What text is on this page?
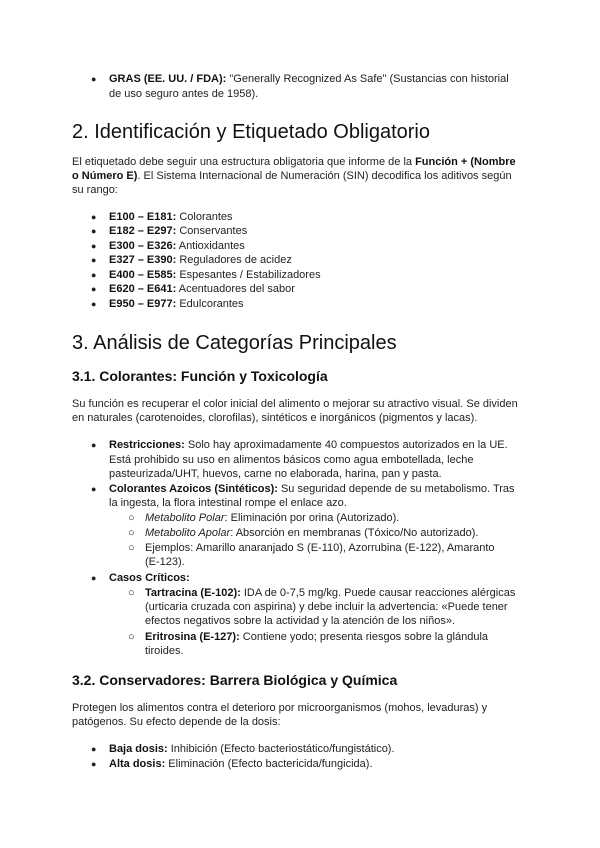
● GRAS (EE. UU. / FDA): "Generally Recognized As Safe" (Sustancias con historial
de uso seguro antes de 1958).
2. Identificación y Etiquetado Obligatorio
El etiquetado debe seguir una estructura obligatoria que informe de la Función + (Nombre
o Número E). El Sistema Internacional de Numeración (SIN) decodifica los aditivos según
su rango:
● E100 – E181: Colorantes
● E182 – E297: Conservantes
● E300 – E326: Antioxidantes
● E327 – E390: Reguladores de acidez
● E400 – E585: Espesantes / Estabilizadores
● E620 – E641: Acentuadores del sabor
● E950 – E977: Edulcorantes
3. Análisis de Categorías Principales
3.1. Colorantes: Función y Toxicología
Su función es recuperar el color inicial del alimento o mejorar su atractivo visual. Se dividen
en naturales (carotenoides, clorofilas), sintéticos e inorgánicos (pigmentos y lacas).
● Restricciones: Solo hay aproximadamente 40 compuestos autorizados en la UE.
Está prohibido su uso en alimentos básicos como agua embotellada, leche
pasteurizada/UHT, huevos, carne no elaborada, harina, pan y pasta.
● Colorantes Azoicos (Sintéticos): Su seguridad depende de su metabolismo. Tras
la ingesta, la flora intestinal rompe el enlace azo.
○ Metabolito Polar: Eliminación por orina (Autorizado).
○ Metabolito Apolar: Absorción en membranas (Tóxico/No autorizado).
○ Ejemplos: Amarillo anaranjado S (E-110), Azorrubina (E-122), Amaranto
(E-123).
● Casos Críticos:
○ Tartracina (E-102): IDA de 0-7,5 mg/kg. Puede causar reacciones alérgicas
(urticaria cruzada con aspirina) y debe incluir la advertencia: «Puede tener
efectos negativos sobre la actividad y la atención de los niños».
○ Eritrosina (E-127): Contiene yodo; presenta riesgos sobre la glándula
tiroides.
3.2. Conservadores: Barrera Biológica y Química
Protegen los alimentos contra el deterioro por microorganismos (mohos, levaduras) y
patógenos. Su efecto depende de la dosis:
● Baja dosis: Inhibición (Efecto bacteriostático/fungistático).
● Alta dosis: Eliminación (Efecto bactericida/fungicida).
